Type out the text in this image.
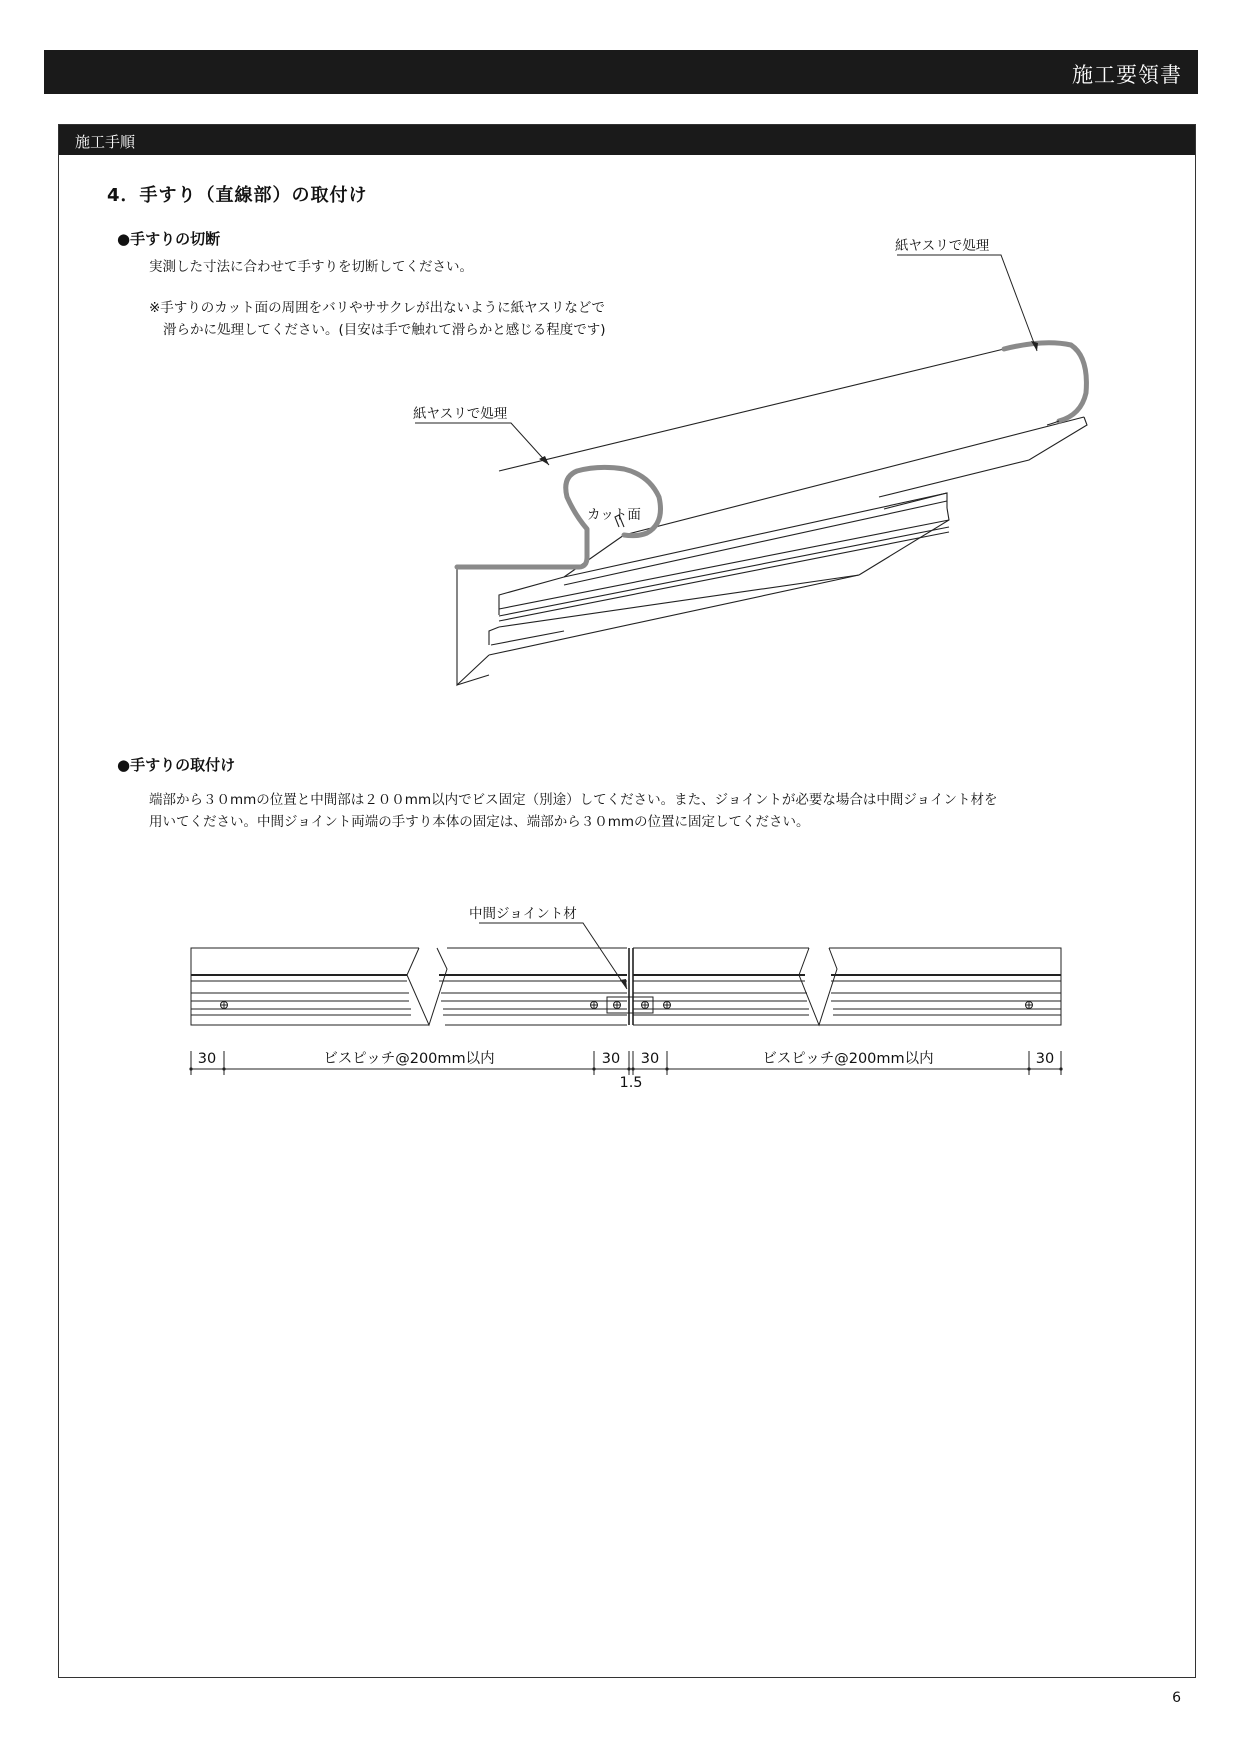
施工要領書
施工手順
4．手すり（直線部）の取付け
●手すりの切断
実測した寸法に合わせて手すりを切断してください。
※手すりのカット面の周囲をバリやササクレが出ないように紙ヤスリなどで
滑らかに処理してください。(目安は手で触れて滑らかと感じる程度です)
紙ヤスリで処理
紙ヤスリで処理
カット面
●手すりの取付け
端部から３０mmの位置と中間部は２００mm以内でビス固定（別途）してください。また、ジョイントが必要な場合は中間ジョイント材を
用いてください。中間ジョイント両端の手すり本体の固定は、端部から３０mmの位置に固定してください。
中間ジョイント材
30	ビスピッチ@200mm以内	30 30	ビスピッチ@200mm以内	30
1.5
6
